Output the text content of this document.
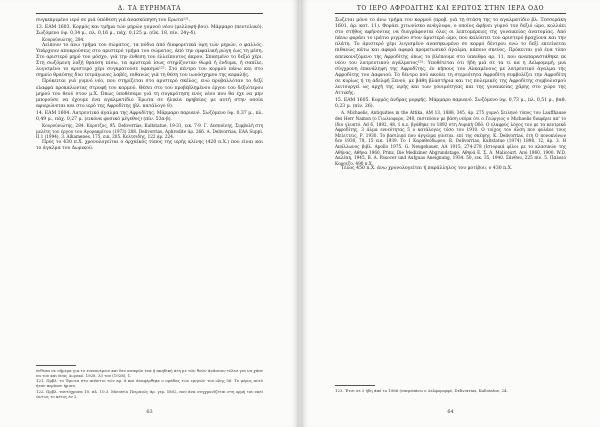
Δ. ΤΑ ΕΥΡΗΜΑΤΑ

συγκεκριμένο ιερό σε μιά ύπόθεση γιά άνασκόπηση του Ερωτα¹²¹.

13. EAM 1603. Κορμός και τμήμα τών μηρών γυμνού νέου (μελλοφή-βου). Μάρμαρο (πεντελικό). Σωζόμενο ύψ. 0,34 μ., πλ. 0,16 μ., πάχ. 0,125 μ. (εϊκ. 18, πίν. 24γ-δ).

Κουρούνιώτης, 284.

Λείπουν το άνω τμήμα του σώματος, τα πόδια άπό διαφορετικά ύψη τών μηρών, ο φαλλός. Υπάρχουν αποκρούσεις στο αριστερό τμήμα του σώματος, άπό την ομφαλική ρώγη έως τη μέση. Στο αριστερό μηρό τον μόσχο, γιά την ένθεση του έλλείποντος άκρου. Σπασμένο το δεξιό χέρι. Στη σωζόμενη λοξή θραύση πίσω, τα αριστερά ίσως στηρίζονταν θωρά ή ένδυμα, ή σαπίλε, λυγισμένο το αριστερό χέρι συγκρατούσε ύφασμα¹²². Στό κέντρο του κορμού πάνω και στο σημείο θραύσης δυο τετράγωνες λαβές, πιθανώς γιά τη θέση του ιωνόσχημου της κεφαλής.

Πρόκειται γιά γυμνό νέο, που στηρίζεται στο αριστερό σκέλος, ενώ προβαλλόταν το δεξί ελαφρά προκαλώντας στροφή του κορμού. Θέσει στο του προβεβλημένου έργου του δεξιότερου μηρού του θεού στον μ.Χ. Όπως ύποθέσαμε γιά τη συγκρότηση ενός νέου που θα έχε να μην μπορούσε να έχουμε ένα αγαλματίδιο Έρωτα σε ήλικία εφηβείας με αυτή στην οποία αφιερώνεται και στο ιερό της Αφροδίτης (βλ. κατάλογο 8).

14. EAM 1604. Λατρευτικό άγαλμα της Αφροδίτης. Μάρμαρο παριανό. Σωζόμενο ύψ. 0,37 μ., πλ. 0,49 μ., πάχ. 0,27 μ. (εικόνα φυσικό μέγεθος) (πίν. 53α-β).

Κουρούνιώτης, 284. Κοροτζος, 95. Delivorrias, Kultstatue, 19-31, εικ. 7-9. Γ. Δεσποίνης, Συμβολή στη μελέτη του έργου του Αγορακρίτου (1973) 208. Delivorrias, Aphrodite άρ. 266. A. Delivorrias, EAA Suppl. II 1 (1994), 3. Alkamenes, 175, εικ. 205. Κελτσιδης, 122 άρ. 224.

Πρός το 430 π.Χ. χρονολογείται ο άρχαϊκός τύπος της ιερής κλίνης (420 π.Χ.) που είναι και το άγαλμα του Δωρικού.

ένθεσα σε σήμερα για το τουπινέμειν και δεν ασαφών ένα ή ακηδική άτη με τών θεών άνάσσον τέλεσ για να χάσε να του και ένας Δωρικό. 1928, 33 του (1928), 1.

121. Πρβλ. το Έρωτα στο ανάντιο τών αρ. 8 και άναφέρθηκε ο ομάδας των εμηνών του ολης 56. Το μέρος αυτό ήταν περίπου ήμισυ.

122. Πρβλ. ταυτόχρονα 10. πλ. 10.3. Μουσείο Πειραιώς άρ. γερ. 1802, που άνα συγχρονίζεται στη ορμή του εκεί ώντως το κέτος έν 2.

63
ΤΟ ΙΕΡΟ ΑΦΡΟΔΙΤΗΣ ΚΑΙ ΕΡΩΤΟΣ ΣΤΗΝ ΙΕΡΑ ΟΔΟ

Σωζεται μόνο το άνω τμήμα του κορμού (προβ. γιά τη στάση της το αγαλματίδιο βλ. Τεσσεράκη 1601, άρ. κατ. 11). Φοράει χιτωνίσκο ανάγλυφο, ο οποίος άφήνει γυμνό τον δεξιό ώμο, κολλάει στο στήθος αφήνοντας να διαγράφονται όλες οι λεπτομέρειες της γυναικείας άνατομίας. Από πάνω φοράει το ιμάτιο ριγμένο στον άριστερό ώμο, που καλύπτει τον αριστερό βραχίονα και την πλάτη. Το άριστερό χέρι λυγισμένο ανασηκωμένο σε κορμό δέντρου ενώ το δεξί εκτείνεται πιθανώς κάτω και αφορά αφορά προμετωπικό άγαλμα, κάποιο σκεύος. Πρόκειται γιά ένα τύπο απεικονιζόμενο της Αφροδίτης όπως το βλέπουμε στο ύπαιθρο αρ. 11, που αναπαραστάθηκε εκ νέου του λατρευτικού αγάλματος¹²³. Υποθέτεται ότι ήδη μιά σε τα τι κα η Δελφομιμή, μια σύγχρονη έπανάληψη της Αφροδίτης, έν κήπους του Αλκαμένους με λατρευτικό άγαλμα της Αφροδίτης του Δαφνιού. Το δέντρο πού ακούει τη στερεότητα Αφροδίτη συμβολίζει την Αφροδίτη σε κυρίως ή τη αδελφή Ξενού, με βάθη βλαστήρια και τις πολεμικές της Αφροδίτης συμβολισμού λειτουργεί ως αρχή της ιερής και των γονιμότητας και της γυναικείας χάρης στο χώρο της Αττικής.

15. EAM 1605. Κορμός άνδρας μορφής. Μάρμαρο παριανό. Σωζόμενο ύψ. 0,73 μ., πλ. 0,51 μ., βαθ. 0,23 μ. (πίν. 26).

A. Michaelis, Antiquities in the Attika, AM 13, 1888, 345, άρ. 275 γυμνό Σειληνό τύπος του Lauffhause des Herr Namon (ο Γιωλιοφορν, 240, πιστεύουν με βάση νεύρα ότι ο Γεώργιος ο Michaelis διαφέρει απ' το ίδιο γλυπτό. Ad 6, 1892, 48, 1 κ.ε. βγάθηκε το 1892 στη Λυρική Οδό. Ο ελαφρύς λόγος του με τα κεντρικά Αφροδίτης, 3 άλμα εννεότητας 5 ο κατάλογος τόσο του 1910. Ο τοίχος του άλση που φυλάνε τους Μελιττεις, Ρ. 1930. Το βασιλικό που άγγελμα γίνεται. επί της σκέψης. Κ. Delivorrias, έτη Ο πονοκιόνων δεν 1930, 78, 15 εικ. 1939. Το 1 Καραθεόδωρου, Β. Delivorrias, Kultstatue (1974) 1898, 12, άρ. 3. Η Απόλλωνος βιβλ. Apollo 1975. G. Neugebauer, AA 1915, 274-278 (Ιστορικά φίλοι με το κλασικών της Αθήνας, Αθήνα 1960, Prinz, Die Mediziner Abgrundstage. Αθηνά Ε. Σ. A. Malicourt. Από 1960, 1900. W.D. Δαλέαη, 1945, Β. A. Paxocer und Aufguas Aneignung, 1934. 50, εικ. 35, 1940. Ξάνθου, 225 πίν. 5. Παλαιό Κοροτζο. 490 π.Χ.

Τέλος 450 π.Χ. άνω χρονολογείται ή παράλληλος του μοτίβου, ο 430 π.Χ.

123. Έτσι σε 2 ήδη άπό το 1966 (υπερεπάνω ο Δελφομορφέ, Delivorrias, Kultstatue, 24.

64
